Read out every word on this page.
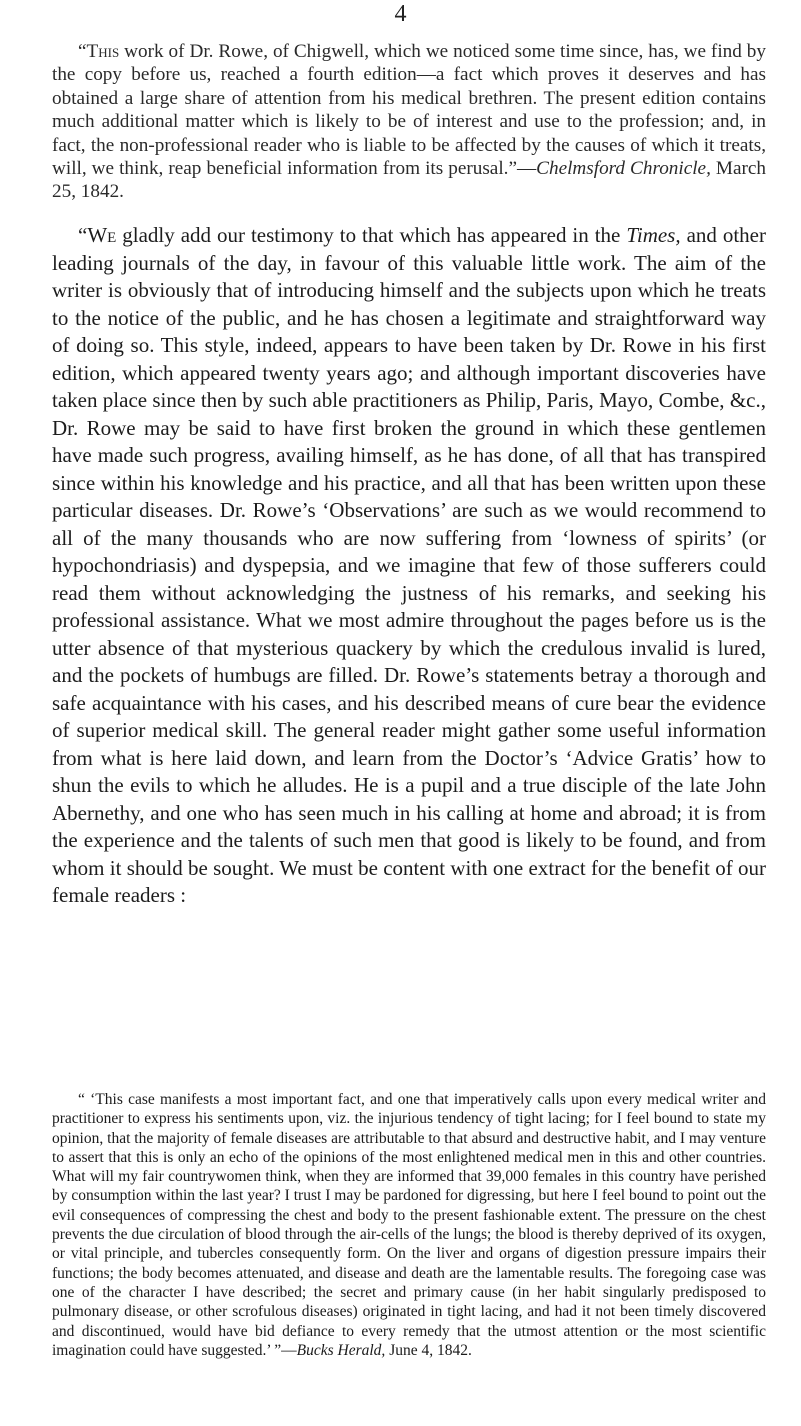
4

“This work of Dr. Rowe, of Chigwell, which we noticed some time since, has, we find by the copy before us, reached a fourth edition—a fact which proves it deserves and has obtained a large share of attention from his medical brethren. The present edition contains much additional matter which is likely to be of interest and use to the profession; and, in fact, the non-professional reader who is liable to be affected by the causes of which it treats, will, we think, reap beneficial information from its perusal.”—Chelmsford Chronicle, March 25, 1842.

“We gladly add our testimony to that which has appeared in the Times, and other leading journals of the day, in favour of this valuable little work. The aim of the writer is obviously that of introducing himself and the subjects upon which he treats to the notice of the public, and he has chosen a legitimate and straightforward way of doing so. This style, indeed, appears to have been taken by Dr. Rowe in his first edition, which appeared twenty years ago; and although important discoveries have taken place since then by such able practitioners as Philip, Paris, Mayo, Combe, &c., Dr. Rowe may be said to have first broken the ground in which these gentlemen have made such progress, availing himself, as he has done, of all that has transpired since within his knowledge and his practice, and all that has been written upon these particular diseases. Dr. Rowe’s ‘Observations’ are such as we would recommend to all of the many thousands who are now suffering from ‘lowness of spirits’ (or hypochondriasis) and dyspepsia, and we imagine that few of those sufferers could read them without acknowledging the justness of his remarks, and seeking his professional assistance. What we most admire throughout the pages before us is the utter absence of that mysterious quackery by which the credulous invalid is lured, and the pockets of humbugs are filled. Dr. Rowe’s statements betray a thorough and safe acquaintance with his cases, and his described means of cure bear the evidence of superior medical skill. The general reader might gather some useful information from what is here laid down, and learn from the Doctor’s ‘Advice Gratis’ how to shun the evils to which he alludes. He is a pupil and a true disciple of the late John Abernethy, and one who has seen much in his calling at home and abroad; it is from the experience and the talents of such men that good is likely to be found, and from whom it should be sought. We must be content with one extract for the benefit of our female readers :

“ ‘This case manifests a most important fact, and one that imperatively calls upon every medical writer and practitioner to express his sentiments upon, viz. the injurious tendency of tight lacing; for I feel bound to state my opinion, that the majority of female diseases are attributable to that absurd and destructive habit, and I may venture to assert that this is only an echo of the opinions of the most enlightened medical men in this and other countries. What will my fair countrywomen think, when they are informed that 39,000 females in this country have perished by consumption within the last year? I trust I may be pardoned for digressing, but here I feel bound to point out the evil consequences of compressing the chest and body to the present fashionable extent. The pressure on the chest prevents the due circulation of blood through the air-cells of the lungs; the blood is thereby deprived of its oxygen, or vital principle, and tubercles consequently form. On the liver and organs of digestion pressure impairs their functions; the body becomes attenuated, and disease and death are the lamentable results. The foregoing case was one of the character I have described; the secret and primary cause (in her habit singularly predisposed to pulmonary disease, or other scrofulous diseases) originated in tight lacing, and had it not been timely discovered and discontinued, would have bid defiance to every remedy that the utmost attention or the most scientific imagination could have suggested.’ ”—Bucks Herald, June 4, 1842.
